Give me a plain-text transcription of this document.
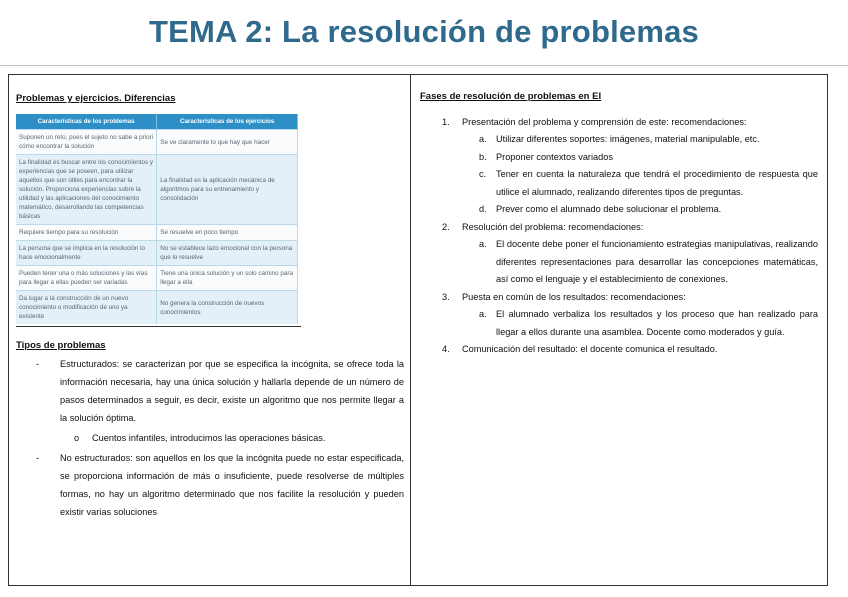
TEMA 2: La resolución de problemas
Problemas y ejercicios. Diferencias
Características de los problemas	Características de los ejercicios
Suponen un reto, pues el sujeto no sabe a priori cómo encontrar la solución	Se ve claramente lo que hay que hacer
La finalidad es buscar entre los conocimientos y experiencias que se poseen, para utilizar aquellos que son útiles para encontrar la solución. Proporciona experiencias sobre la utilidad y las aplicaciones del conocimiento matemático, desarrollando las competencias básicas	La finalidad es la aplicación mecánica de algoritmos para su entrenamiento y consolidación
Requiere tiempo para su resolución	Se resuelve en poco tiempo
La persona que se implica en la resolución lo hace emocionalmente	No se establece lazo emocional con la persona que lo resuelve
Pueden tener una o más soluciones y las vías para llegar a ellas pueden ser variadas	Tiene una única solución y un solo camino para llegar a ella
Da lugar a la construcción de un nuevo conocimiento o modificación de uno ya existente	No genera la construcción de nuevos conocimientos
Tipos de problemas
- Estructurados: se caracterizan por que se especifica la incógnita, se ofrece toda la información necesaria, hay una única solución y hallarla depende de un número de pasos determinados a seguir, es decir, existe un algoritmo que nos permite llegar a la solución óptima.
o Cuentos infantiles, introducimos las operaciones básicas.
- No estructurados: son aquellos en los que la incógnita puede no estar especificada, se proporciona información de más o insuficiente, puede resolverse de múltiples formas, no hay un algoritmo determinado que nos facilite la resolución y pueden existir varias soluciones
Fases de resolución de problemas en EI
1. Presentación del problema y comprensión de este: recomendaciones:
a. Utilizar diferentes soportes: imágenes, material manipulable, etc.
b. Proponer contextos variados
c. Tener en cuenta la naturaleza que tendrá el procedimiento de respuesta que utilice el alumnado, realizando diferentes tipos de preguntas.
d. Prever como el alumnado debe solucionar el problema.
2. Resolución del problema: recomendaciones:
a. El docente debe poner el funcionamiento estrategias manipulativas, realizando diferentes representaciones para desarrollar las concepciones matemáticas, así como el lenguaje y el establecimiento de conexiones.
3. Puesta en común de los resultados: recomendaciones:
a. El alumnado verbaliza los resultados y los proceso que han realizado para llegar a ellos durante una asamblea. Docente como moderados y guía.
4. Comunicación del resultado: el docente comunica el resultado.
